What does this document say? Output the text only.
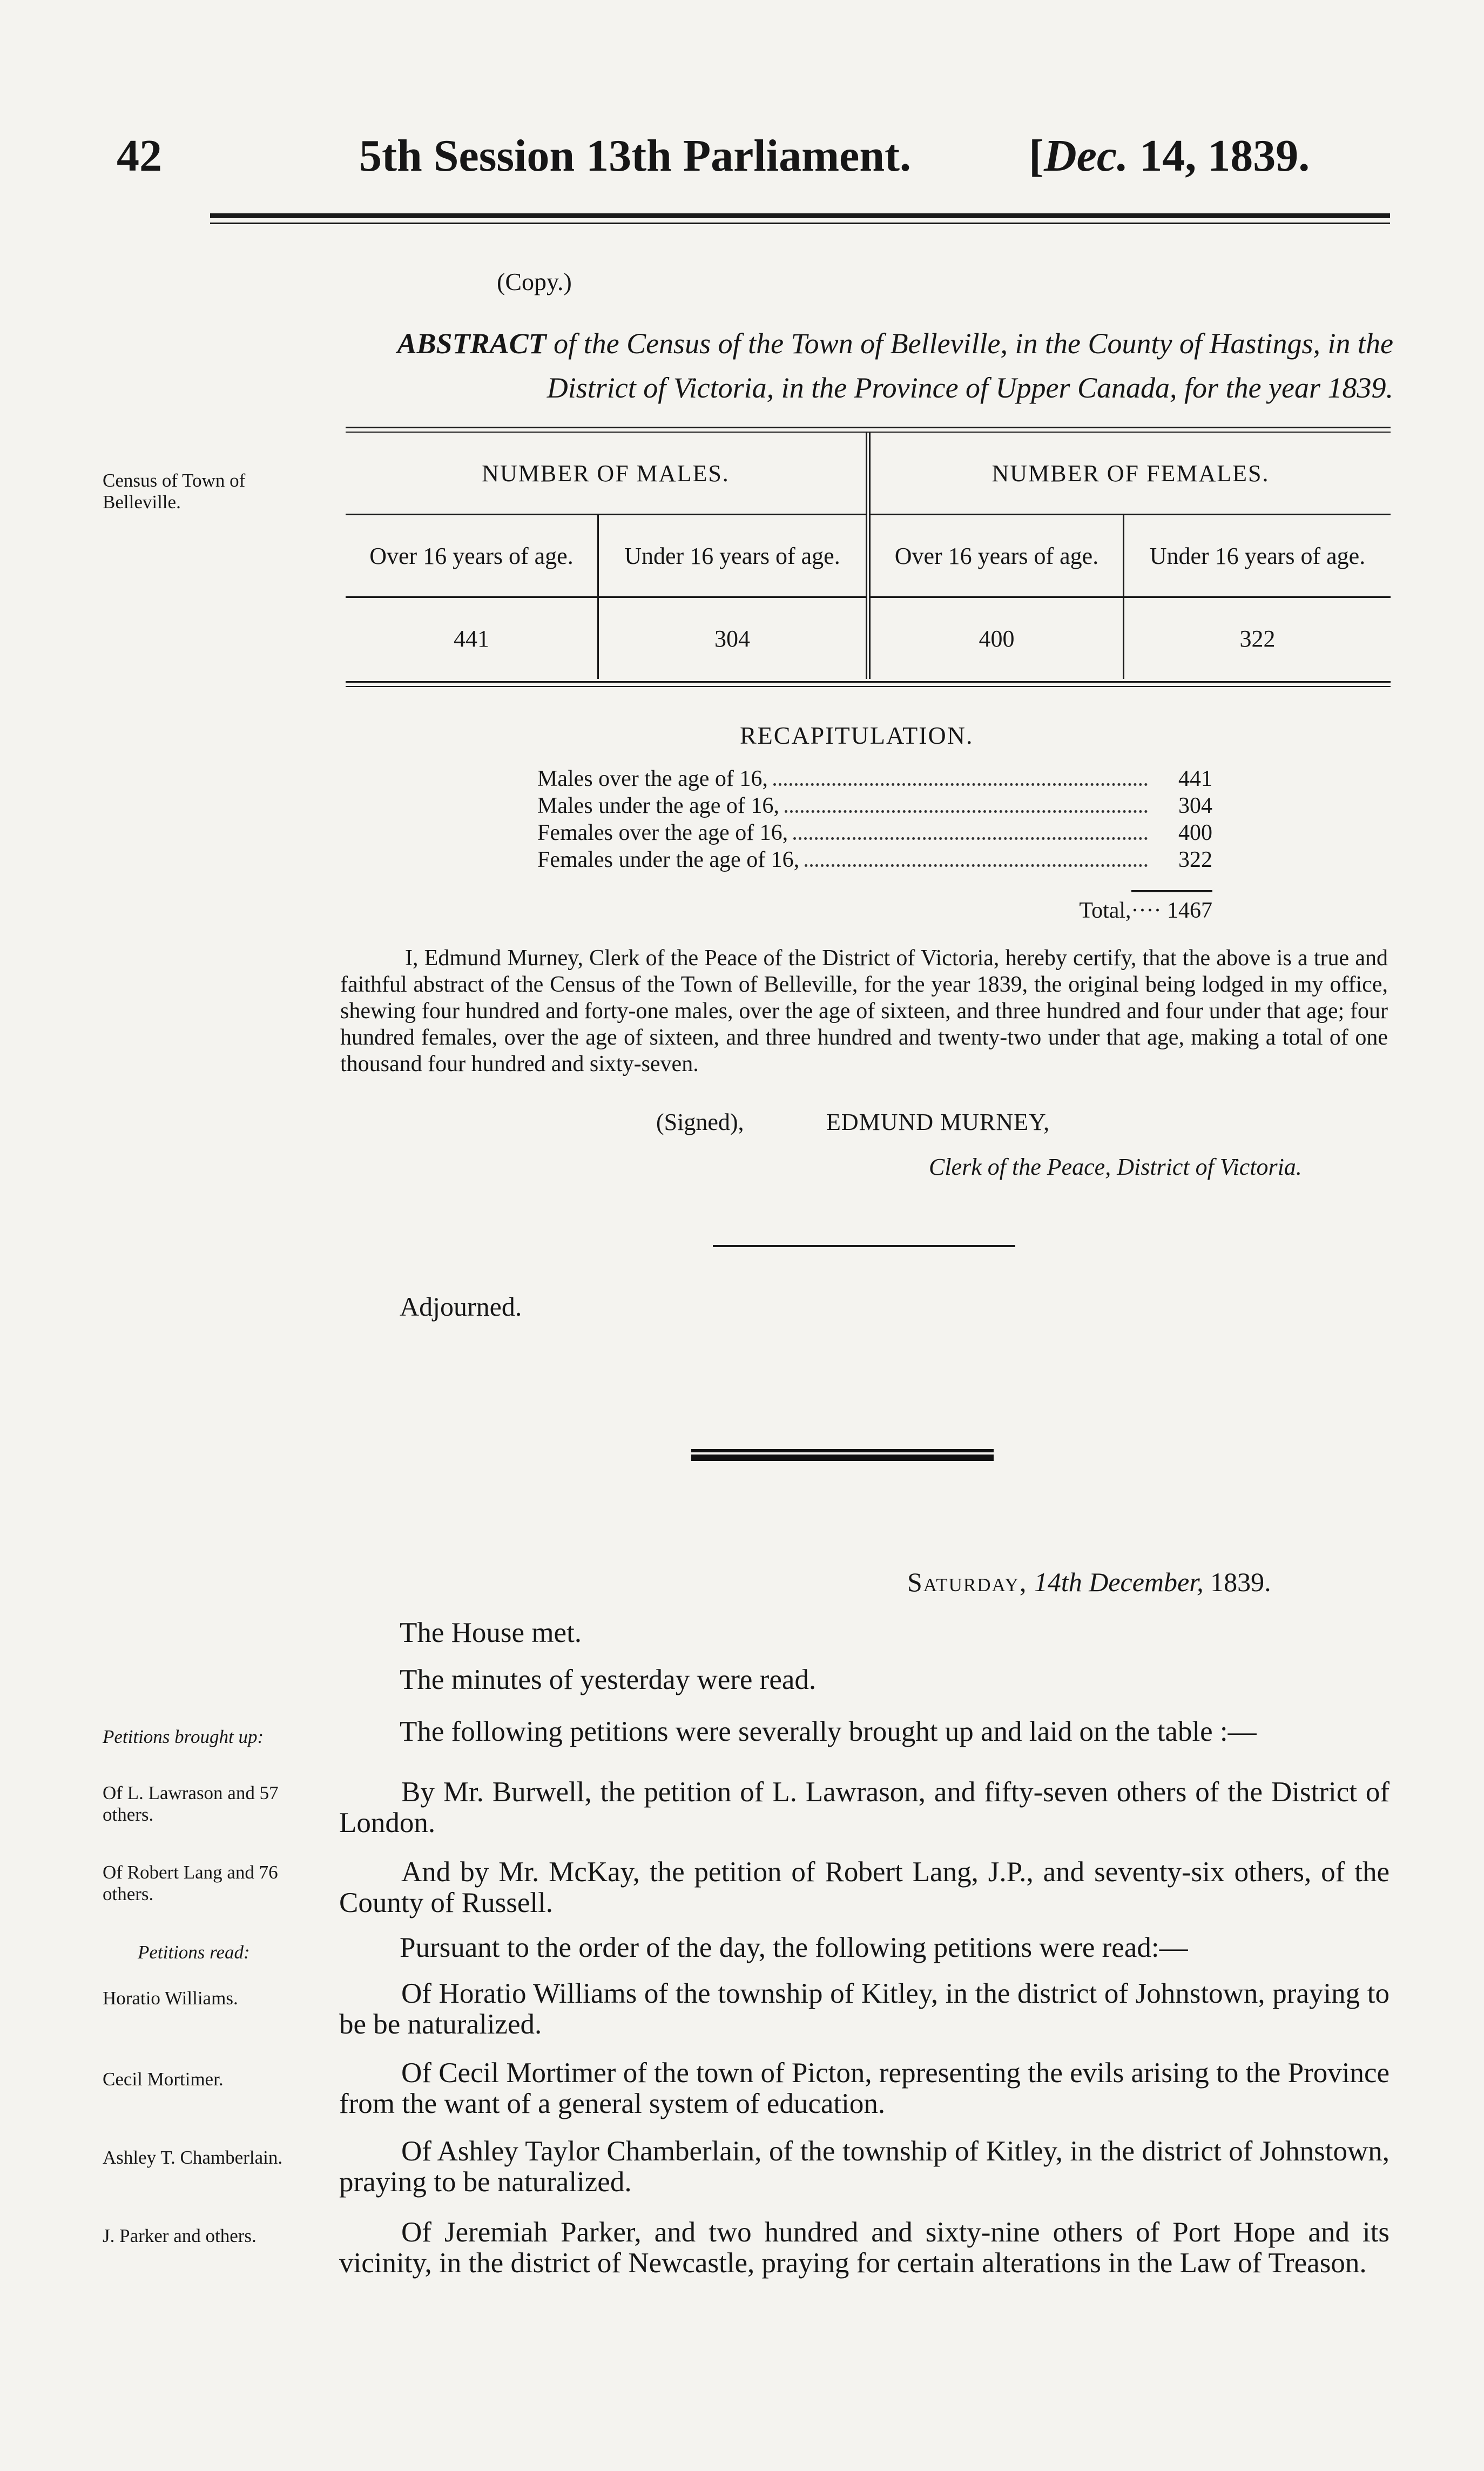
42	5th Session 13th Parliament.	[Dec. 14, 1839.
(Copy.)
ABSTRACT of the Census of the Town of Belleville, in the County of Hastings, in the
District of Victoria, in the Province of Upper Canada, for the year 1839.
Census of Town of Belleville.
NUMBER OF MALES.		NUMBER OF FEMALES.	
Over 16 years of age.	Under 16 years of age.	Over 16 years of age.	Under 16 years of age.
441	304	400	322
RECAPITULATION.
Males over the age of 16,	441
Males under the age of 16,	304
Females over the age of 16,	400
Females under the age of 16,	322
Total,···· 1467
I, Edmund Murney, Clerk of the Peace of the District of Victoria, hereby certify, that the above is a true and faithful abstract of the Census of the Town of Belleville, for the year 1839, the original being lodged in my office, shewing four hundred and forty-one males, over the age of sixteen, and three hundred and four under that age; four hundred females, over the age of sixteen, and three hundred and twenty-two under that age, making a total of one thousand four hundred and sixty-seven.
(Signed),	EDMUND MURNEY,
Clerk of the Peace, District of Victoria.
Adjourned.
Saturday, 14th December, 1839.
The House met.
The minutes of yesterday were read.
Petitions brought up:	The following petitions were severally brought up and laid on the table :—
Of L. Lawrason and 57 others.
By Mr. Burwell, the petition of L. Lawrason, and fifty-seven others of the District of London.
Of Robert Lang and 76 others.
And by Mr. McKay, the petition of Robert Lang, J.P., and seventy-six others, of the County of Russell.
Petitions read:	Pursuant to the order of the day, the following petitions were read:—
Horatio Williams.	Of Horatio Williams of the township of Kitley, in the district of Johnstown, praying to be be naturalized.
Cecil Mortimer.	Of Cecil Mortimer of the town of Picton, representing the evils arising to the Province from the want of a general system of education.
Ashley T. Chamberlain.	Of Ashley Taylor Chamberlain, of the township of Kitley, in the district of Johnstown, praying to be naturalized.
J. Parker and others.	Of Jeremiah Parker, and two hundred and sixty-nine others of Port Hope and its vicinity, in the district of Newcastle, praying for certain alterations in the Law of Treason.
